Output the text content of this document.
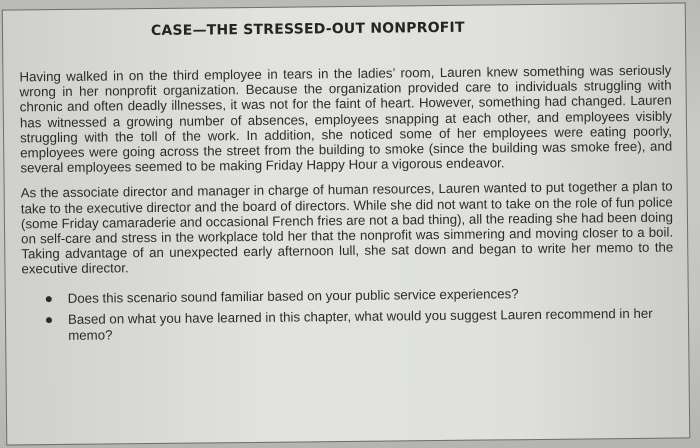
CASE—THE STRESSED-OUT NONPROFIT

Having walked in on the third employee in tears in the ladies’ room, Lauren knew something was seriously wrong in her nonprofit organization. Because the organization provided care to individuals struggling with chronic and often deadly illnesses, it was not for the faint of heart. However, something had changed. Lauren has witnessed a growing number of absences, employees snapping at each other, and employees visibly struggling with the toll of the work. In addition, she noticed some of her employees were eating poorly, employees were going across the street from the building to smoke (since the building was smoke free), and several employees seemed to be making Friday Happy Hour a vigorous endeavor.

As the associate director and manager in charge of human resources, Lauren wanted to put together a plan to take to the executive director and the board of directors. While she did not want to take on the role of fun police (some Friday camaraderie and occasional French fries are not a bad thing), all the reading she had been doing on self-care and stress in the workplace told her that the nonprofit was simmering and moving closer to a boil. Taking advantage of an unexpected early afternoon lull, she sat down and began to write her memo to the executive director.

Does this scenario sound familiar based on your public service experiences?
Based on what you have learned in this chapter, what would you suggest Lauren recommend in her memo?
